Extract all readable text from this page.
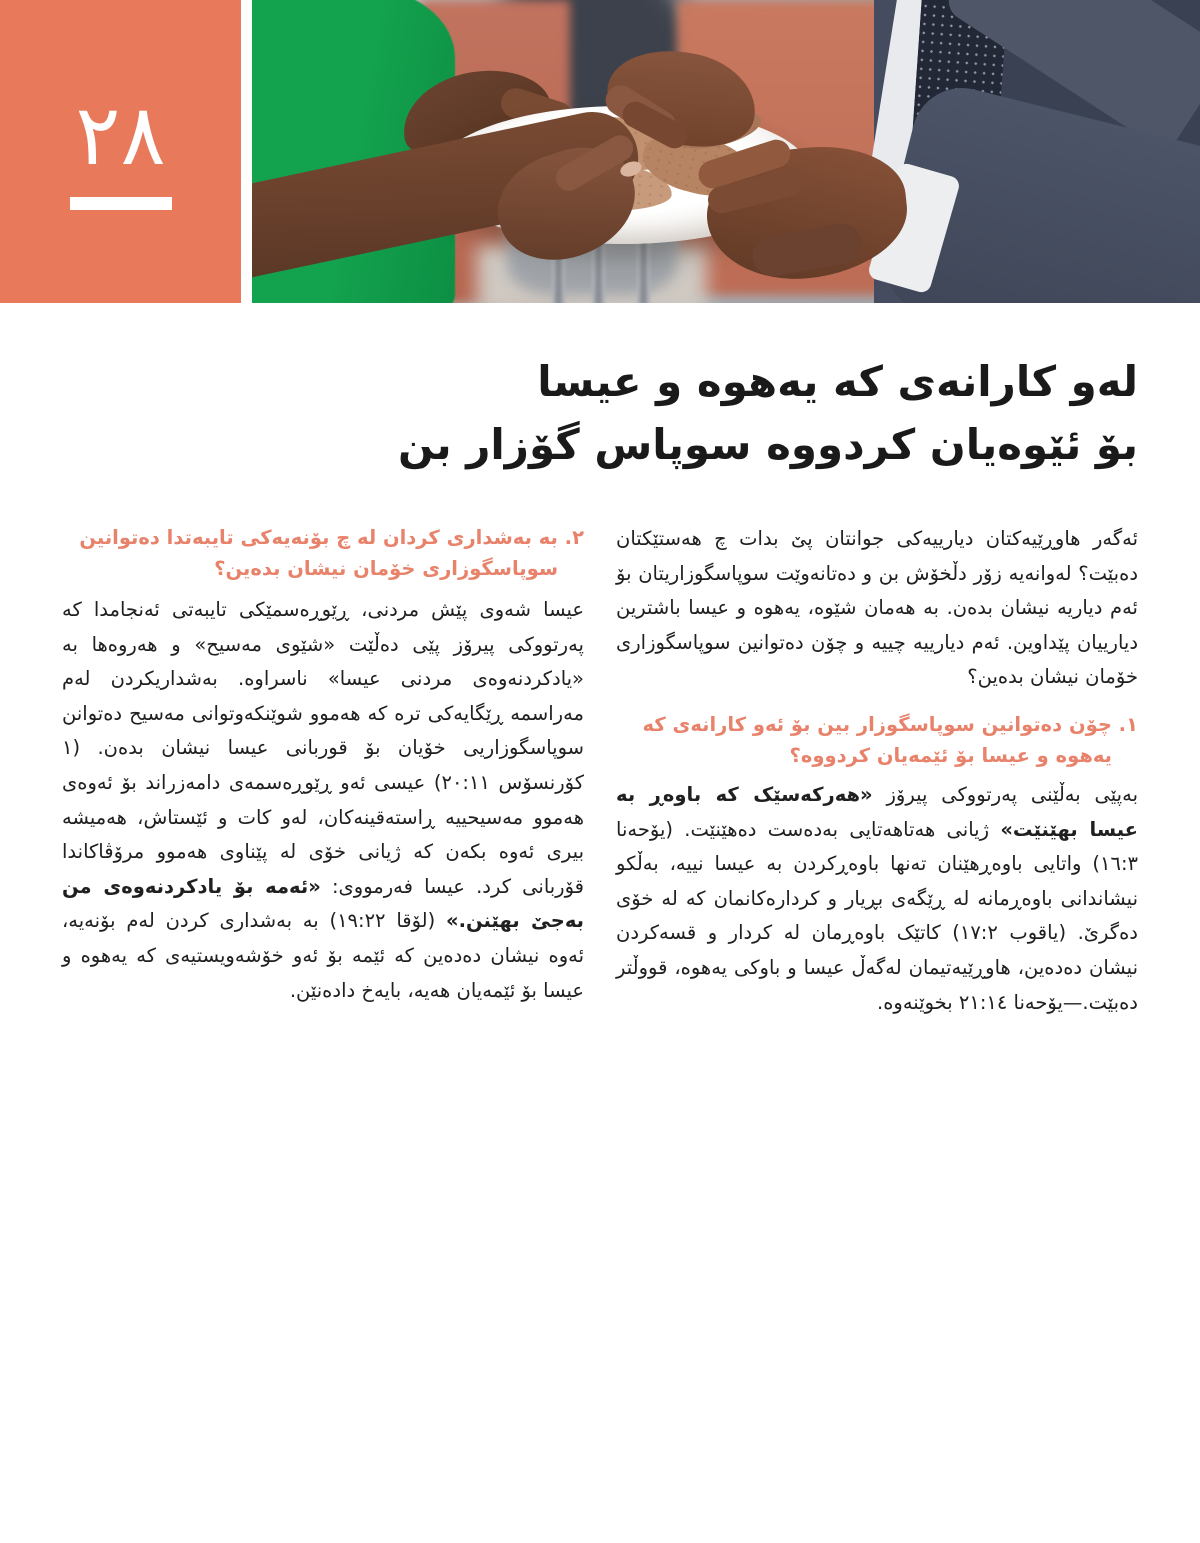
٢٨
لەو کارانەی کە یەهوە و عیسا
بۆ ئێوەیان کردووە سوپاس گۆزار بن

ئەگەر هاوڕێیەکتان دیارییەکی جوانتان پێ بدات چ هەستێکتان دەبێت؟ لەوانەیە زۆر دڵخۆش بن و دەتانەوێت سوپاسگوزاریتان بۆ ئەم دیاریە نیشان بدەن. بە هەمان شێوە، یەهوە و عیسا باشترین دیارییان پێداوین. ئەم دیارییە چییە و چۆن دەتوانین سوپاسگوزاری خۆمان نیشان بدەین؟

١. چۆن دەتوانین سوپاسگوزار بین بۆ ئەو کارانەی کە یەهوە و عیسا بۆ ئێمەیان کردووە؟

بەپێی بەڵێنی پەرتووکی پیرۆز «هەرکەسێک کە باوەڕ بە عیسا بهێنێت» ژیانی هەتاهەتایی بەدەست دەهێنێت. (یۆحەنا ١٦:٣) واتایی باوەڕهێنان تەنها باوەڕکردن بە عیسا نییە، بەڵکو نیشاندانی باوەڕمانە لە ڕێگەی بڕیار و کردارەکانمان کە لە خۆی دەگرێ. (یاقوب ١٧:٢) کاتێک باوەڕمان لە کردار و قسەکردن نیشان دەدەین، هاوڕێیەتیمان لەگەڵ عیسا و باوکی یەهوە، قووڵتر دەبێت.—یۆحەنا ٢١:١٤ بخوێنەوە.

٢. بە بەشداری کردان لە چ بۆنەیەکی تایبەتدا دەتوانین سوپاسگوزاری خۆمان نیشان بدەین؟

عیسا شەوی پێش مردنی، ڕێوڕەسمێکی تایبەتی ئەنجامدا کە پەرتووکی پیرۆز پێی دەڵێت «شێوی مەسیح» و هەروەها بە «یادکردنەوەی مردنی عیسا» ناسراوە. بەشداریکردن لەم مەراسمە ڕێگایەکی ترە کە هەموو شوێنکەوتوانی مەسیح دەتوانن سوپاسگوزاریی خۆیان بۆ قوربانی عیسا نیشان بدەن. (١ کۆرنسۆس ٢٠:١١) عیسی ئەو ڕێوڕەسمەی دامەزراند بۆ ئەوەی هەموو مەسیحییە ڕاستەقینەکان، لەو کات و ئێستاش، هەمیشە بیری ئەوە بکەن کە ژیانی خۆی لە پێناوی هەموو مرۆڤاکاندا قۆربانی کرد. عیسا فەرمووی: «ئەمە بۆ یادکردنەوەی من بەجێ بهێنن.» (لۆقا ١٩:٢٢) بە بەشداری کردن لەم بۆنەیە، ئەوە نیشان دەدەین کە ئێمە بۆ ئەو خۆشەویستیەی کە یەهوە و عیسا بۆ ئێمەیان هەیە، بایەخ دادەنێن.
